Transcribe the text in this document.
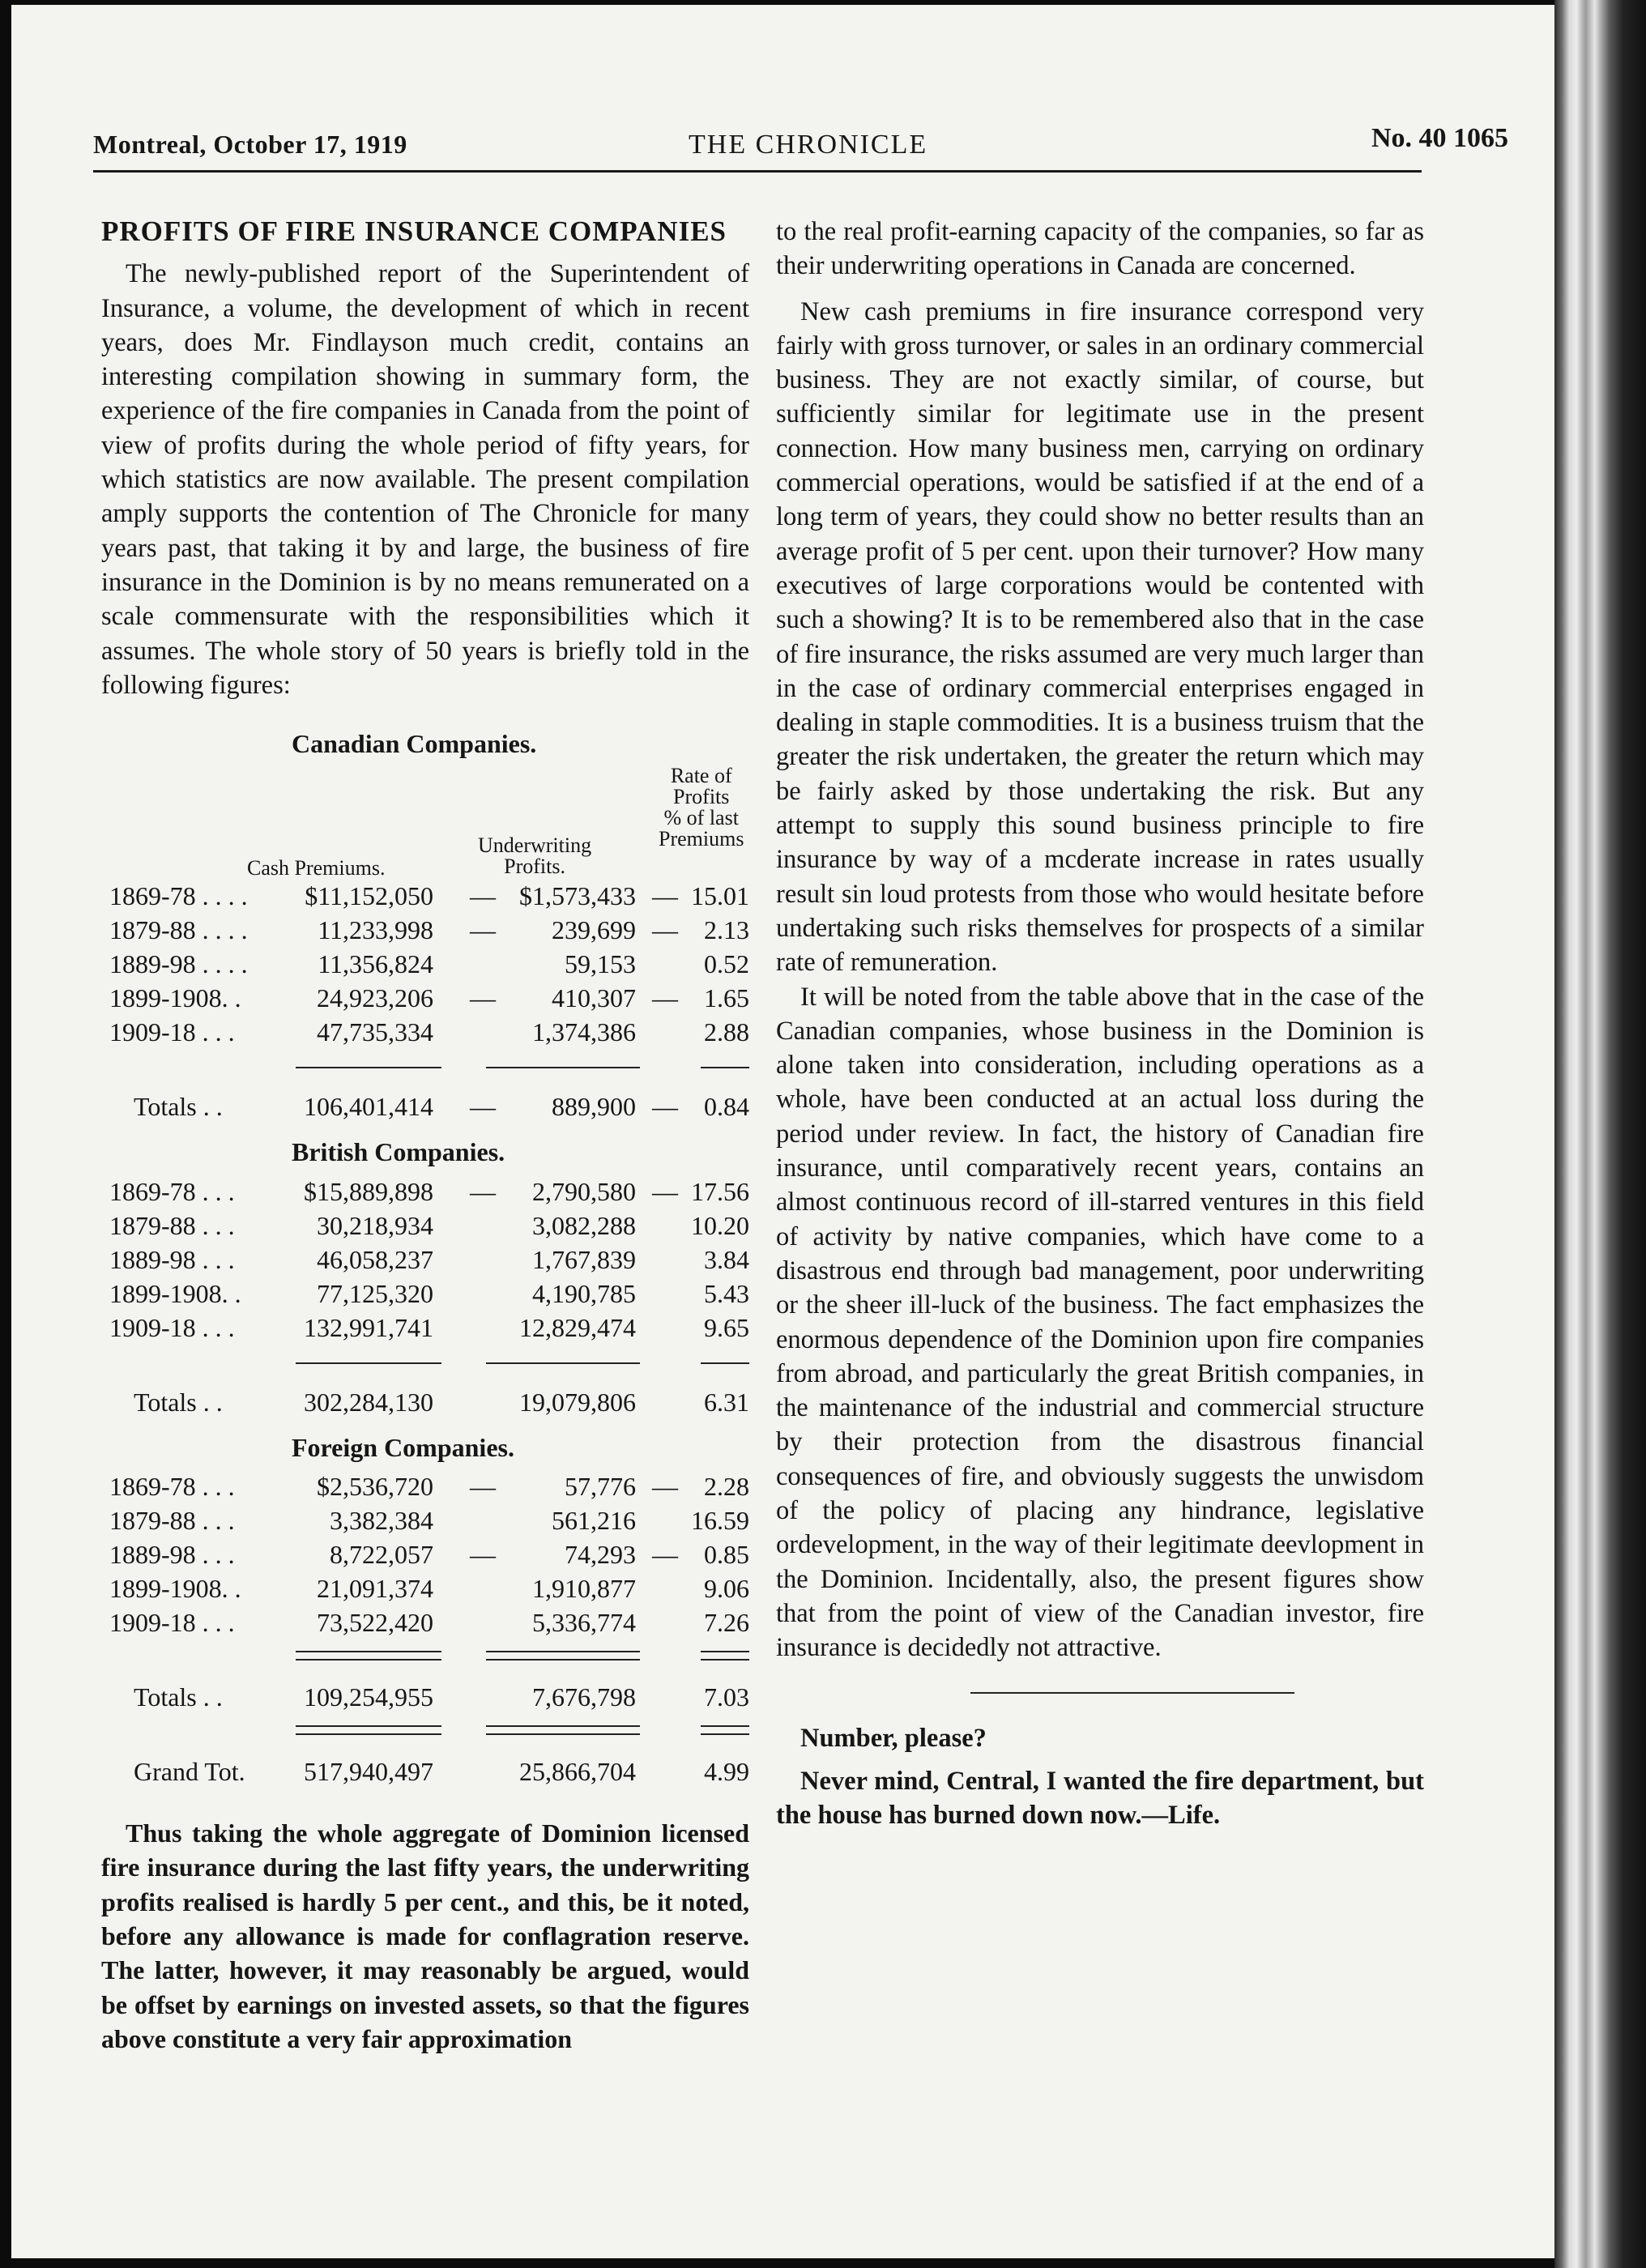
Montreal, October 17, 1919	THE CHRONICLE	No. 40 1065
PROFITS OF FIRE INSURANCE COMPANIES

The newly-published report of the Superintendent of Insurance, a volume, the development of which in recent years, does Mr. Findlayson much credit, contains an interesting compilation showing in summary form, the experience of the fire companies in Canada from the point of view of profits during the whole period of fifty years, for which statistics are now available. The present compilation amply supports the contention of The Chronicle for many years past, that taking it by and large, the business of fire insurance in the Dominion is by no means remunerated on a scale commensurate with the responsibilities which it assumes. The whole story of 50 years is briefly told in the following figures:

Canadian Companies.
Cash Premiums.
Underwriting
Profits.
Rate of
Profits
% of last
Premiums
1869-78 . . . . $11,152,050 — $1,573,433 — 15.01
1879-88 . . . .	11,233,998 — 239,699 — 2.13
1889-98 . . . .	11,356,824	59,153	0.52
1899-1908. .	24,923,206 — 410,307 — 1.65
1909-18 . . .	47,735,334	1,374,386	2.88
Totals . .	106,401,414 — 889,900 — 0.84
British Companies.
1869-78 . . .	$15,889,898 — 2,790,580 — 17.56
1879-88 . . .	30,218,934	3,082,288 10.20
1889-98 . . .	46,058,237	1,767,839	3.84
1899-1908. .	77,125,320	4,190,785	5.43
1909-18 . . .	132,991,741	12,829,474	9.65
Totals . .	302,284,130	19,079,806	6.31
Foreign Companies.
1869-78 . . .	$2,536,720 —	57,776 — 2.28
1879-88 . . .	3,382,384	561,216 16.59
1889-98 . . .	8,722,057 —	74,293 — 0.85
1899-1908. .	21,091,374	1,910,877	9.06
1909-18 . . .	73,522,420	5,336,774	7.26
Totals . .	109,254,955	7,676,798	7.03
Grand Tot. 517,940,497	25,866,704	4.99

Thus taking the whole aggregate of Dominion licensed fire insurance during the last fifty years, the underwriting profits realised is hardly 5 per cent., and this, be it noted, before any allowance is made for conflagration reserve. The latter, however, it may reasonably be argued, would be offset by earnings on invested assets, so that the figures above constitute a very fair approximation

to the real profit-earning capacity of the companies, so far as their underwriting operations in Canada are concerned.

New cash premiums in fire insurance correspond very fairly with gross turnover, or sales in an ordinary commercial business. They are not exactly similar, of course, but sufficiently similar for legitimate use in the present connection. How many business men, carrying on ordinary commercial operations, would be satisfied if at the end of a long term of years, they could show no better results than an average profit of 5 per cent. upon their turnover? How many executives of large corporations would be contented with such a showing? It is to be remembered also that in the case of fire insurance, the risks assumed are very much larger than in the case of ordinary commercial enterprises engaged in dealing in staple commodities. It is a business truism that the greater the risk undertaken, the greater the return which may be fairly asked by those undertaking the risk. But any attempt to supply this sound business principle to fire insurance by way of a mcderate increase in rates usually result sin loud protests from those who would hesitate before undertaking such risks themselves for prospects of a similar rate of remuneration.

It will be noted from the table above that in the case of the Canadian companies, whose business in the Dominion is alone taken into consideration, including operations as a whole, have been conducted at an actual loss during the period under review. In fact, the history of Canadian fire insurance, until comparatively recent years, contains an almost continuous record of ill-starred ventures in this field of activity by native companies, which have come to a disastrous end through bad management, poor underwriting or the sheer ill-luck of the business. The fact emphasizes the enormous dependence of the Dominion upon fire companies from abroad, and particularly the great British companies, in the maintenance of the industrial and commercial structure by their protection from the disastrous financial consequences of fire, and obviously suggests the unwisdom of the policy of placing any hindrance, legislative ordevelopment, in the way of their legitimate deevlopment in the Dominion. Incidentally, also, the present figures show that from the point of view of the Canadian investor, fire insurance is decidedly not attractive.

Number, please?

Never mind, Central, I wanted the fire department, but the house has burned down now.—Life.
